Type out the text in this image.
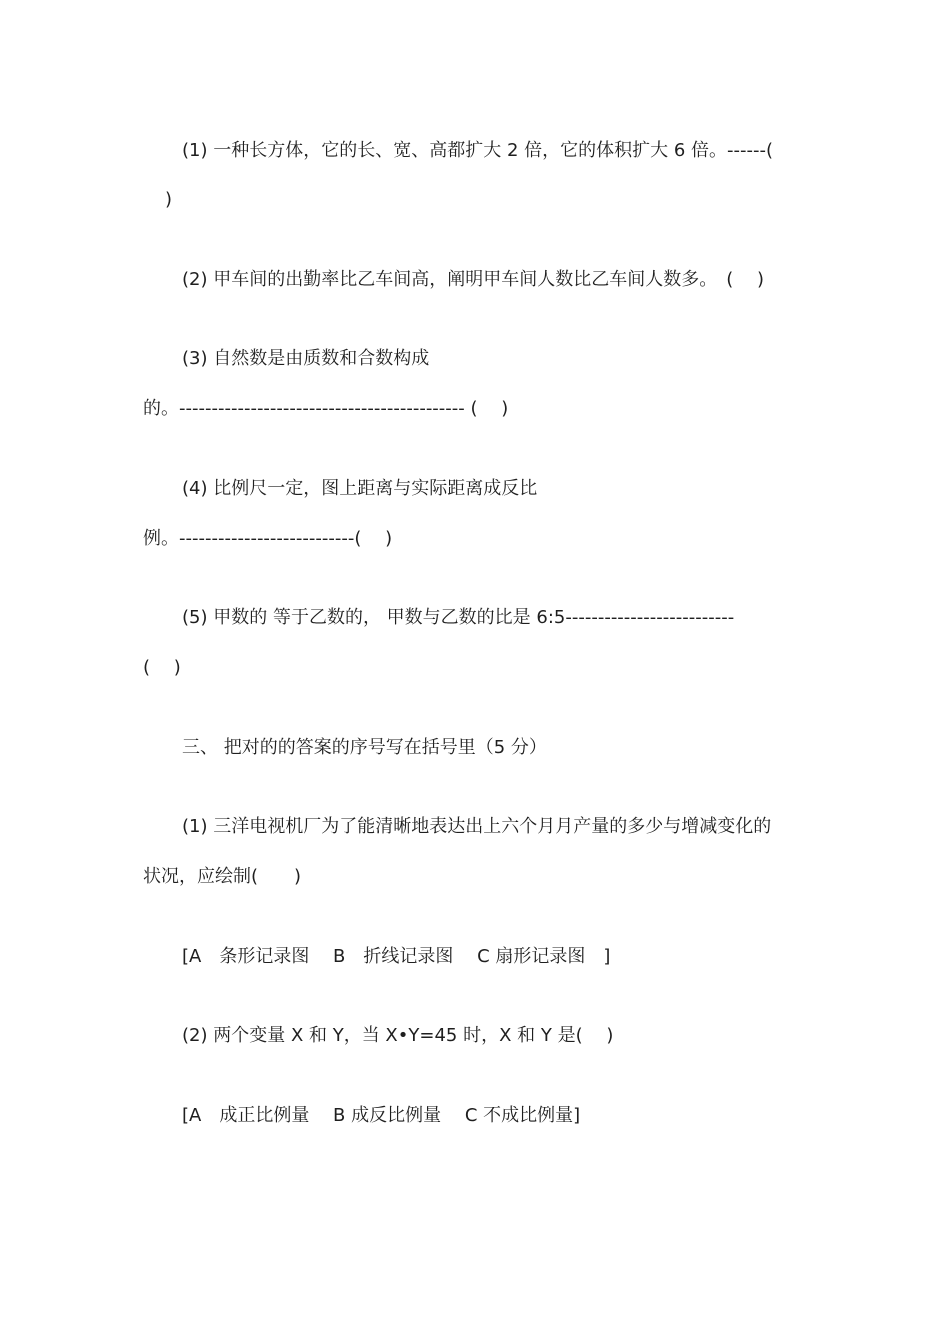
(1) 一种长方体，它的长、宽、高都扩大 2 倍，它的体积扩大 6 倍。------(
)
(2) 甲车间的出勤率比乙车间高，阐明甲车间人数比乙车间人数多。　(　 )
(3) 自然数是由质数和合数构成
的。-------------------------------------------- (　 )
(4) 比例尺一定，图上距离与实际距离成反比
例。---------------------------(　 )
(5) 甲数的 等于乙数的， 甲数与乙数的比是 6:5--------------------------
(　 )
三、 把对的的答案的序号写在括号里（5 分）
(1) 三洋电视机厂为了能清晰地表达出上六个月月产量的多少与增减变化的
状况，应绘制(　　)
[A　条形记录图　 B　折线记录图　 C 扇形记录图　]
(2) 两个变量 X 和 Y，当 X•Y=45 时，X 和 Y 是(　 )
[A　成正比例量　 B 成反比例量　 C 不成比例量]
